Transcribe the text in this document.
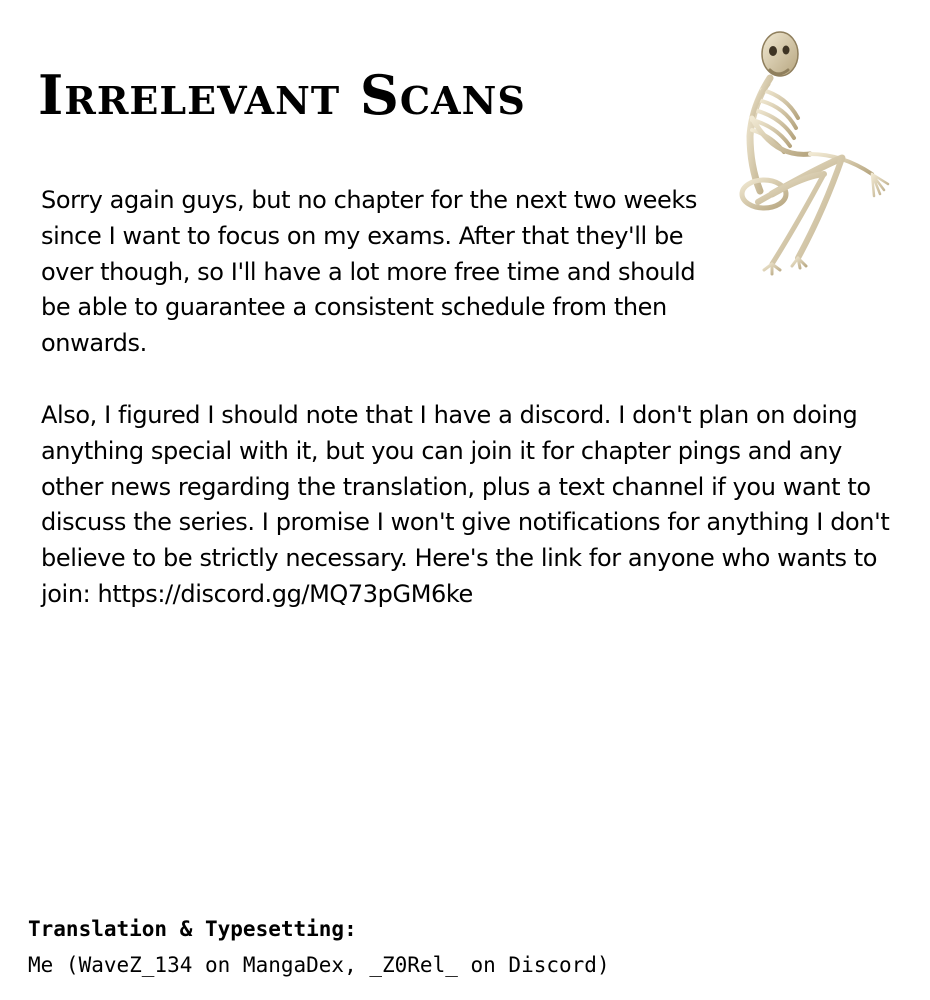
Irrelevant Scans

Sorry again guys, but no chapter for the next two weeks since I want to focus on my exams. After that they'll be over though, so I'll have a lot more free time and should be able to guarantee a consistent schedule from then onwards.

Also, I figured I should note that I have a discord. I don't plan on doing anything special with it, but you can join it for chapter pings and any other news regarding the translation, plus a text channel if you want to discuss the series. I promise I won't give notifications for anything I don't believe to be strictly necessary. Here's the link for anyone who wants to join: https://discord.gg/MQ73pGM6ke

Translation & Typesetting:

Me (WaveZ_134 on MangaDex, _Z0Rel_ on Discord)
